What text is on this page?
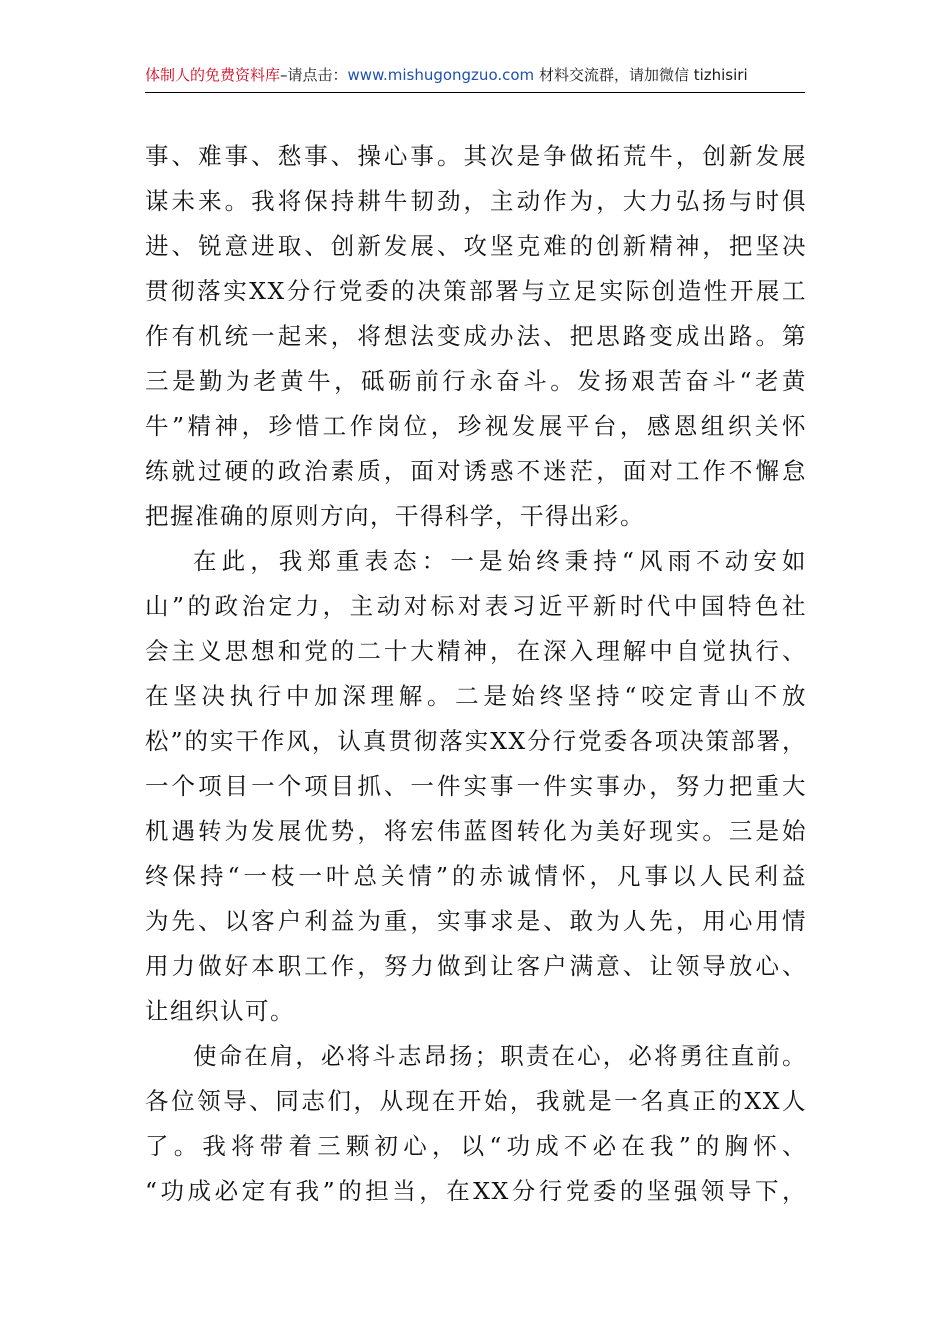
体制人的免费资料库–请点击：www.mishugongzuo.com 材料交流群，请加微信 tizhisiri
事、难事、愁事、操心事。其次是争做拓荒牛，创新发展
谋未来。我将保持耕牛韧劲，主动作为，大力弘扬与时俱
进、锐意进取、创新发展、攻坚克难的创新精神，把坚决
贯彻落实XX分行党委的决策部署与立足实际创造性开展工
作有机统一起来，将想法变成办法、把思路变成出路。第
三是勤为老黄牛，砥砺前行永奋斗。发扬艰苦奋斗“老黄
牛”精神，珍惜工作岗位，珍视发展平台，感恩组织关怀
练就过硬的政治素质，面对诱惑不迷茫，面对工作不懈怠
把握准确的原则方向，干得科学，干得出彩。
在此，我郑重表态：一是始终秉持“风雨不动安如
山”的政治定力，主动对标对表习近平新时代中国特色社
会主义思想和党的二十大精神，在深入理解中自觉执行、
在坚决执行中加深理解。二是始终坚持“咬定青山不放
松”的实干作风，认真贯彻落实XX分行党委各项决策部署，
一个项目一个项目抓、一件实事一件实事办，努力把重大
机遇转为发展优势，将宏伟蓝图转化为美好现实。三是始
终保持“一枝一叶总关情”的赤诚情怀，凡事以人民利益
为先、以客户利益为重，实事求是、敢为人先，用心用情
用力做好本职工作，努力做到让客户满意、让领导放心、
让组织认可。
使命在肩，必将斗志昂扬；职责在心，必将勇往直前。
各位领导、同志们，从现在开始，我就是一名真正的XX人
了。我将带着三颗初心，以“功成不必在我”的胸怀、
“功成必定有我”的担当，在XX分行党委的坚强领导下，
